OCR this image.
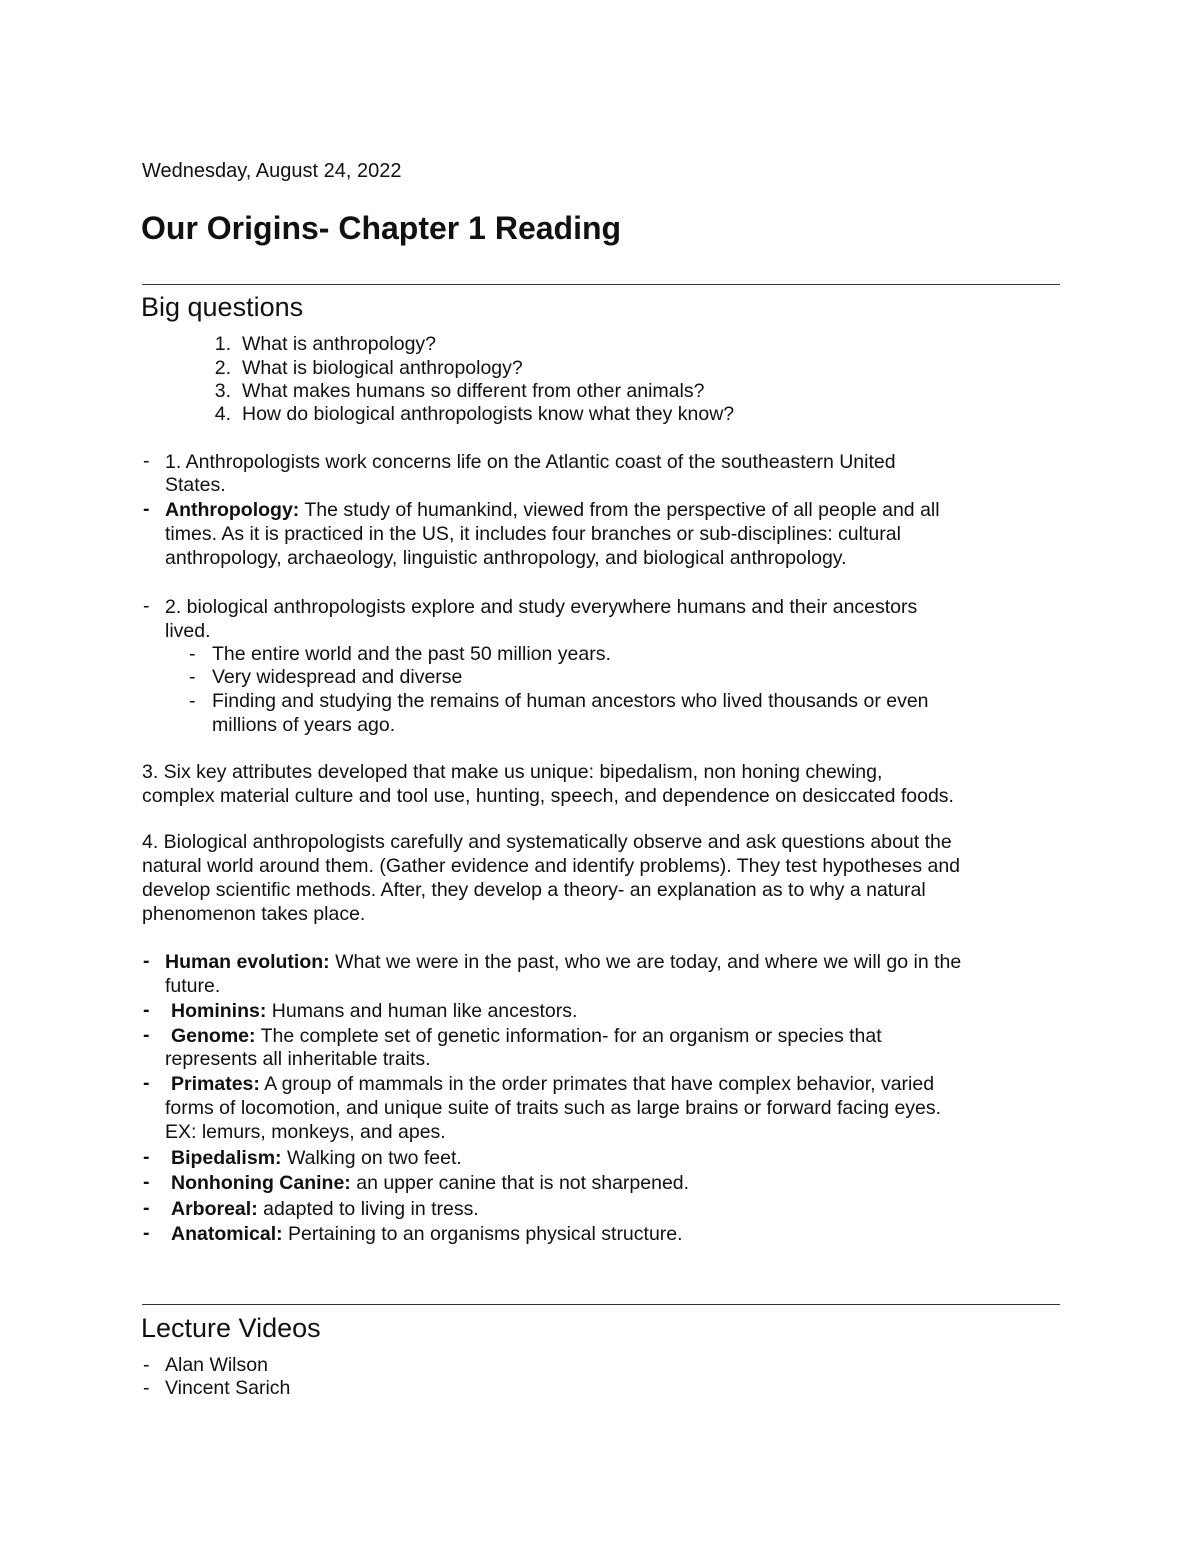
Wednesday, August 24, 2022
Our Origins- Chapter 1 Reading
Big questions
1. What is anthropology?
2. What is biological anthropology?
3. What makes humans so different from other animals?
4. How do biological anthropologists know what they know?
- 1. Anthropologists work concerns life on the Atlantic coast of the southeastern United
States.
- Anthropology: The study of humankind, viewed from the perspective of all people and all
times. As it is practiced in the US, it includes four branches or sub-disciplines: cultural
anthropology, archaeology, linguistic anthropology, and biological anthropology.
- 2. biological anthropologists explore and study everywhere humans and their ancestors
lived.
- The entire world and the past 50 million years.
- Very widespread and diverse
- Finding and studying the remains of human ancestors who lived thousands or even
millions of years ago.
3. Six key attributes developed that make us unique: bipedalism, non honing chewing,
complex material culture and tool use, hunting, speech, and dependence on desiccated foods.
4. Biological anthropologists carefully and systematically observe and ask questions about the
natural world around them. (Gather evidence and identify problems). They test hypotheses and
develop scientific methods. After, they develop a theory- an explanation as to why a natural
phenomenon takes place.
- Human evolution: What we were in the past, who we are today, and where we will go in the
future.
- Hominins: Humans and human like ancestors.
- Genome: The complete set of genetic information- for an organism or species that
represents all inheritable traits.
- Primates: A group of mammals in the order primates that have complex behavior, varied
forms of locomotion, and unique suite of traits such as large brains or forward facing eyes.
EX: lemurs, monkeys, and apes.
- Bipedalism: Walking on two feet.
- Nonhoning Canine: an upper canine that is not sharpened.
- Arboreal: adapted to living in tress.
- Anatomical: Pertaining to an organisms physical structure.
Lecture Videos
- Alan Wilson
- Vincent Sarich
